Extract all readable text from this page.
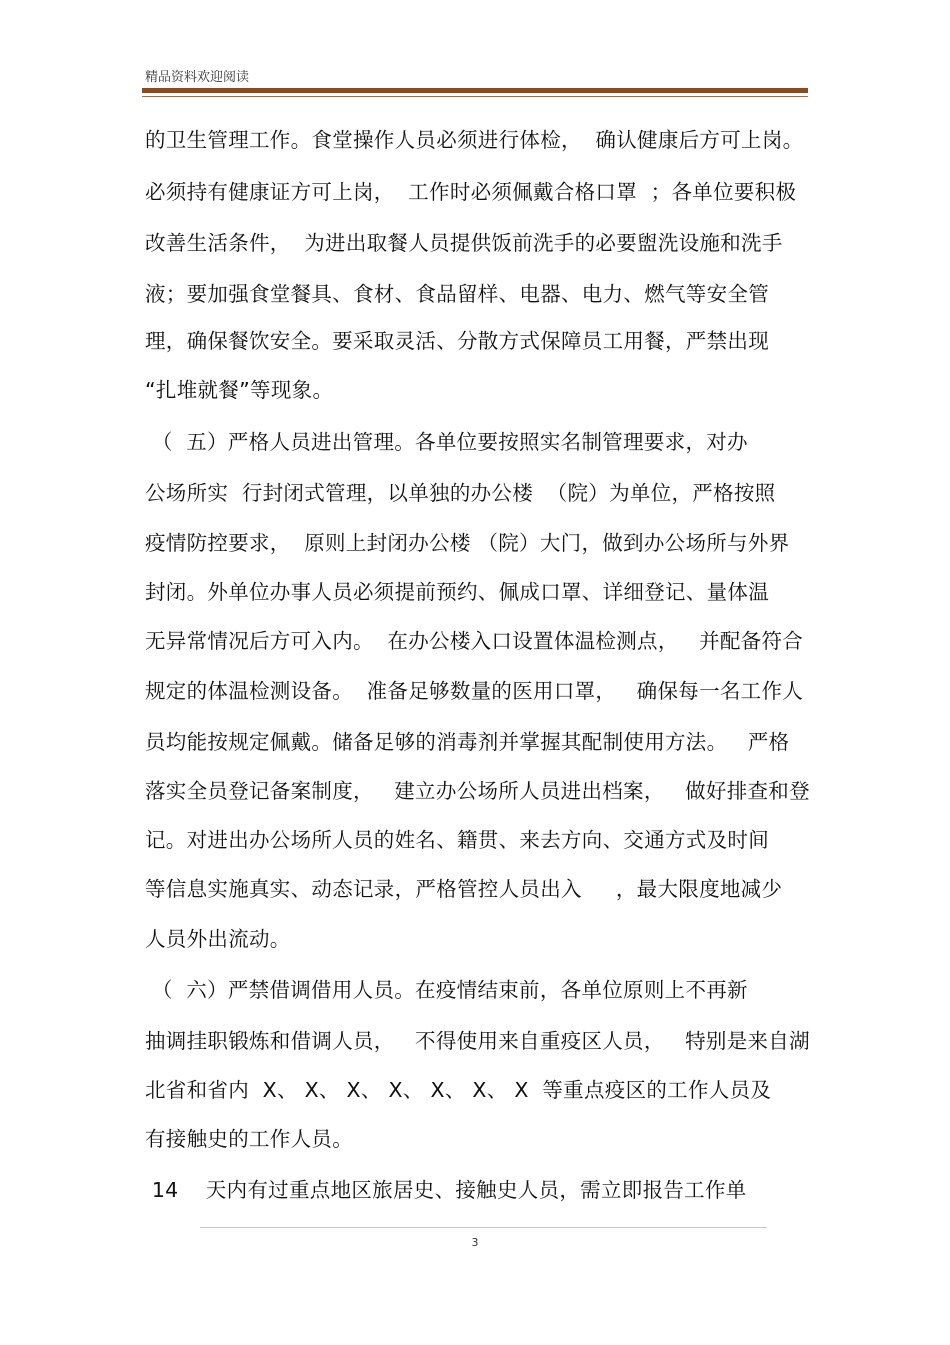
精品资料欢迎阅读
的卫生管理工作。食堂操作人员必须进行体检，  确认健康后方可上岗。
必须持有健康证方可上岗，  工作时必须佩戴合格口罩  ；各单位要积极
改善生活条件，  为进出取餐人员提供饭前洗手的必要盥洗设施和洗手
液；要加强食堂餐具、食材、食品留样、电器、电力、燃气等安全管
理，确保餐饮安全。要采取灵活、分散方式保障员工用餐，严禁出现
“扎堆就餐”等现象。
（  五）严格人员进出管理。各单位要按照实名制管理要求，对办
公场所实  行封闭式管理，以单独的办公楼  （院）为单位，严格按照
疫情防控要求，  原则上封闭办公楼 （院）大门，做到办公场所与外界
封闭。外单位办事人员必须提前预约、佩成口罩、详细登记、量体温
无异常情况后方可入内。  在办公楼入口设置体温检测点，   并配备符合
规定的体温检测设备。  准备足够数量的医用口罩，   确保每一名工作人
员均能按规定佩戴。储备足够的消毒剂并掌握其配制使用方法。   严格
落实全员登记备案制度，   建立办公场所人员进出档案，   做好排查和登
记。对进出办公场所人员的姓名、籍贯、来去方向、交通方式及时间
等信息实施真实、动态记录，严格管控人员出入     ，最大限度地减少
人员外出流动。
（  六）严禁借调借用人员。在疫情结束前，各单位原则上不再新
抽调挂职锻炼和借调人员，   不得使用来自重疫区人员，   特别是来自湖
北省和省内  X、 X、 X、 X、 X、 X、 X  等重点疫区的工作人员及
有接触史的工作人员。
14    天内有过重点地区旅居史、接触史人员，需立即报告工作单
3
